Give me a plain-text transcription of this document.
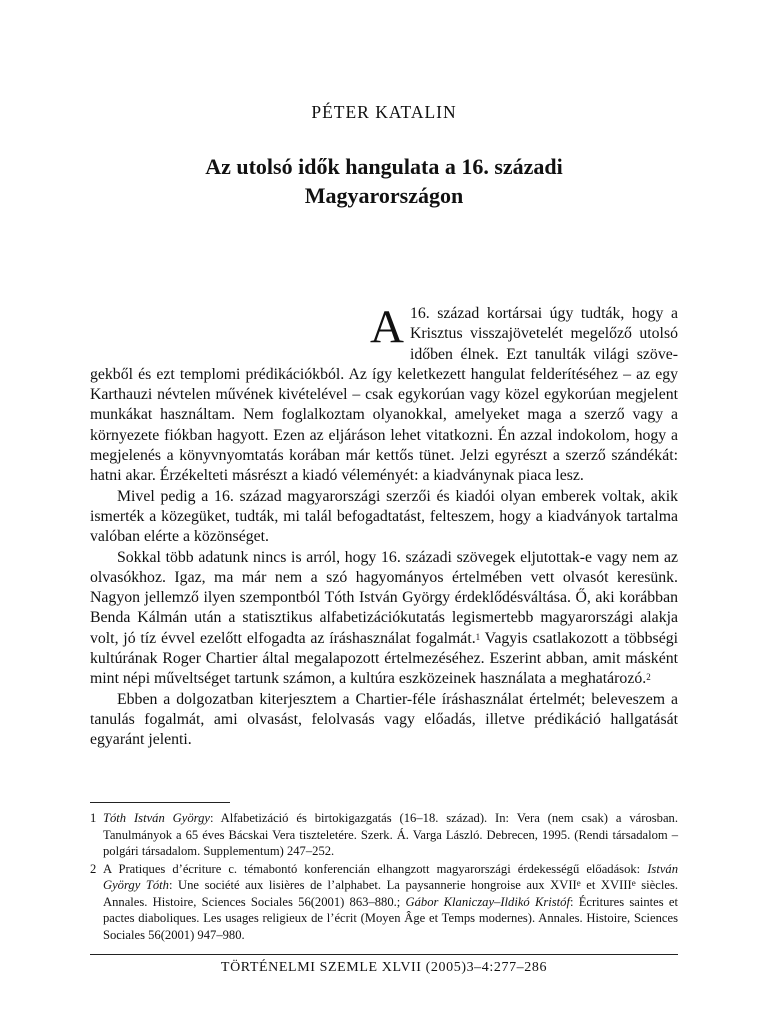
PÉTER KATALIN
Az utolsó idők hangulata a 16. századi
Magyarországon

A 16. század kortársai úgy tudták, hogy a Krisztus visszajövetelét megelőző utolsó időben élnek. Ezt tanulták világi szövegekből és ezt templomi prédikációkból. Az így keletkezett hangulat felderítéséhez – az egy Karthauzi névtelen művének kivételével – csak egykorúan vagy közel egykorúan megjelent munkákat használtam. Nem foglalkoztam olyanokkal, amelyeket maga a szerző vagy a környezete fiókban hagyott. Ezen az eljáráson lehet vitatkozni. Én azzal indokolom, hogy a megjelenés a könyvnyomtatás korában már kettős tünet. Jelzi egyrészt a szerző szándékát: hatni akar. Érzékelteti másrészt a kiadó véleményét: a kiadványnak piaca lesz.

Mivel pedig a 16. század magyarországi szerzői és kiadói olyan emberek voltak, akik ismerték a közegüket, tudták, mi talál befogadtatást, felteszem, hogy a kiadványok tartalma valóban elérte a közönséget.

Sokkal több adatunk nincs is arról, hogy 16. századi szövegek eljutottak-e vagy nem az olvasókhoz. Igaz, ma már nem a szó hagyományos értelmében vett olvasót keresünk. Nagyon jellemző ilyen szempontból Tóth István György érdeklődésváltása. Ő, aki korábban Benda Kálmán után a statisztikus alfabetizációkutatás legismertebb magyarországi alakja volt, jó tíz évvel ezelőtt elfogadta az íráshasználat fogalmát.$^1$ Vagyis csatlakozott a többségi kultúrának Roger Chartier által megalapozott értelmezéséhez. Eszerint abban, amit másként mint népi műveltséget tartunk számon, a kultúra eszközeinek használata a meghatározó.$^2$

Ebben a dolgozatban kiterjesztem a Chartier-féle íráshasználat értelmét; beleveszem a tanulás fogalmát, ami olvasást, felolvasás vagy előadás, illetve prédikáció hallgatását egyaránt jelenti.

1 Tóth István György: Alfabetizáció és birtokigazgatás (16–18. század). In: Vera (nem csak) a városban. Tanulmányok a 65 éves Bácskai Vera tiszteletére. Szerk. Á. Varga László. Debrecen, 1995. (Rendi társadalom – polgári társadalom. Supplementum) 247–252.
2 A Pratiques d’écriture c. témabontó konferencián elhangzott magyarországi érdekességű előadások: István György Tóth: Une société aux lisières de l’alphabet. La paysannerie hongroise aux XVIIe et XVIIIe siècles. Annales. Histoire, Sciences Sociales 56(2001) 863–880.; Gábor Klaniczay–Ildikó Kristóf: Écritures saintes et pactes diaboliques. Les usages religieux de l’écrit (Moyen Âge et Temps modernes). Annales. Histoire, Sciences Sociales 56(2001) 947–980.
TÖRTÉNELMI SZEMLE XLVII (2005)3–4:277–286
